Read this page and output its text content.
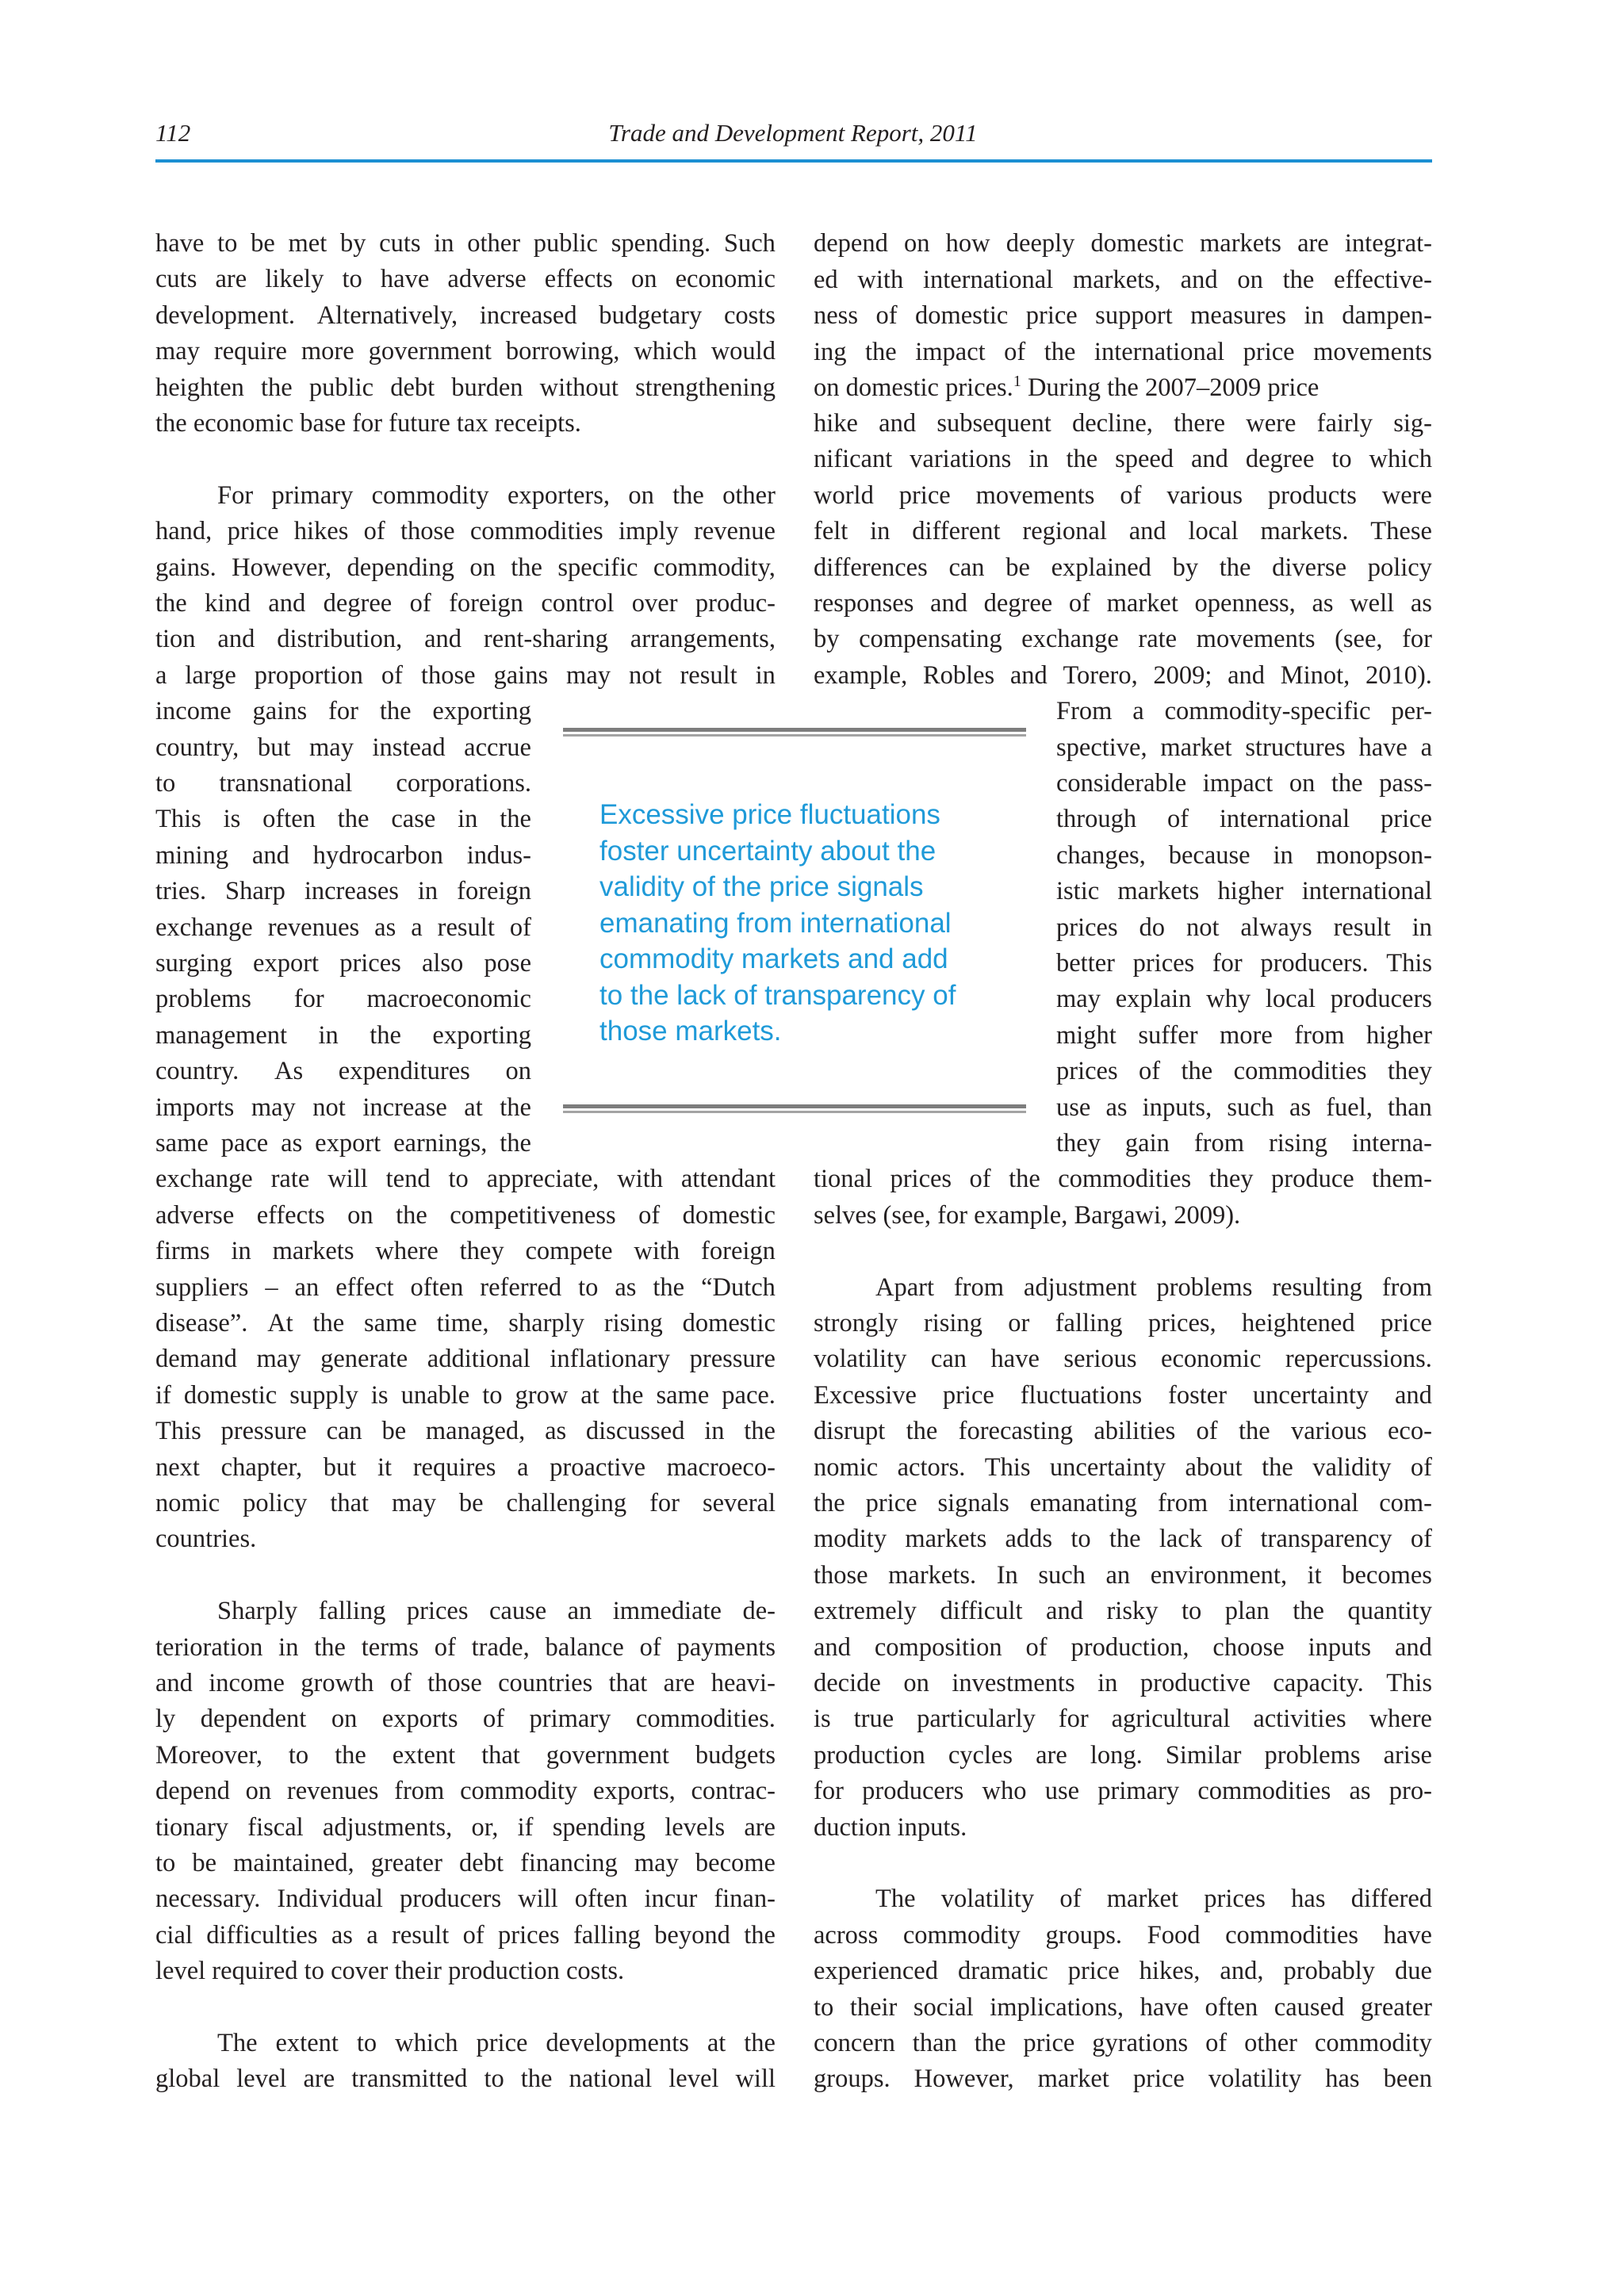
112	Trade and Development Report, 2011
have to be met by cuts in other public spending. Such
cuts are likely to have adverse effects on economic
development. Alternatively, increased budgetary costs
may require more government borrowing, which would
heighten the public debt burden without strengthening
the economic base for future tax receipts.
For primary commodity exporters, on the other
hand, price hikes of those commodities imply revenue
gains. However, depending on the specific commodity,
the kind and degree of foreign control over produc-
tion and distribution, and rent-sharing arrangements,
a large proportion of those gains may not result in
income gains for the exporting
country, but may instead accrue
to transnational corporations.
This is often the case in the
mining and hydrocarbon indus-
tries. Sharp increases in foreign
exchange revenues as a result of
surging export prices also pose
problems for macroeconomic
management in the exporting
country. As expenditures on
imports may not increase at the
same pace as export earnings, the
exchange rate will tend to appreciate, with attendant
adverse effects on the competitiveness of domestic
firms in markets where they compete with foreign
suppliers – an effect often referred to as the “Dutch
disease”. At the same time, sharply rising domestic
demand may generate additional inflationary pressure
if domestic supply is unable to grow at the same pace.
This pressure can be managed, as discussed in the
next chapter, but it requires a proactive macroeco-
nomic policy that may be challenging for several
countries.
Sharply falling prices cause an immediate de-
terioration in the terms of trade, balance of payments
and income growth of those countries that are heavi-
ly dependent on exports of primary commodities.
Moreover, to the extent that government budgets
depend on revenues from commodity exports, contrac-
tionary fiscal adjustments, or, if spending levels are
to be maintained, greater debt financing may become
necessary. Individual producers will often incur finan-
cial difficulties as a result of prices falling beyond the
level required to cover their production costs.
The extent to which price developments at the
global level are transmitted to the national level will
depend on how deeply domestic markets are integrat-
ed with international markets, and on the effective-
ness of domestic price support measures in dampen-
ing the impact of the international price movements
on domestic prices.$^1$ During the 2007–2009 price
hike and subsequent decline, there were fairly sig-
nificant variations in the speed and degree to which
world price movements of various products were
felt in different regional and local markets. These
differences can be explained by the diverse policy
responses and degree of market openness, as well as
by compensating exchange rate movements (see, for
example, Robles and Torero, 2009; and Minot, 2010).
From a commodity-specific per-
spective, market structures have a
considerable impact on the pass-
through of international price
changes, because in monopson-
istic markets higher international
prices do not always result in
better prices for producers. This
may explain why local producers
might suffer more from higher
prices of the commodities they
use as inputs, such as fuel, than
they gain from rising interna-
tional prices of the commodities they produce them-
selves (see, for example, Bargawi, 2009).
Apart from adjustment problems resulting from
strongly rising or falling prices, heightened price
volatility can have serious economic repercussions.
Excessive price fluctuations foster uncertainty and
disrupt the forecasting abilities of the various eco-
nomic actors. This uncertainty about the validity of
the price signals emanating from international com-
modity markets adds to the lack of transparency of
those markets. In such an environment, it becomes
extremely difficult and risky to plan the quantity
and composition of production, choose inputs and
decide on investments in productive capacity. This
is true particularly for agricultural activities where
production cycles are long. Similar problems arise
for producers who use primary commodities as pro-
duction inputs.
The volatility of market prices has differed
across commodity groups. Food commodities have
experienced dramatic price hikes, and, probably due
to their social implications, have often caused greater
concern than the price gyrations of other commodity
groups. However, market price volatility has been
Excessive price fluctuations
foster uncertainty about the
validity of the price signals
emanating from international
commodity markets and add
to the lack of transparency of
those markets.
